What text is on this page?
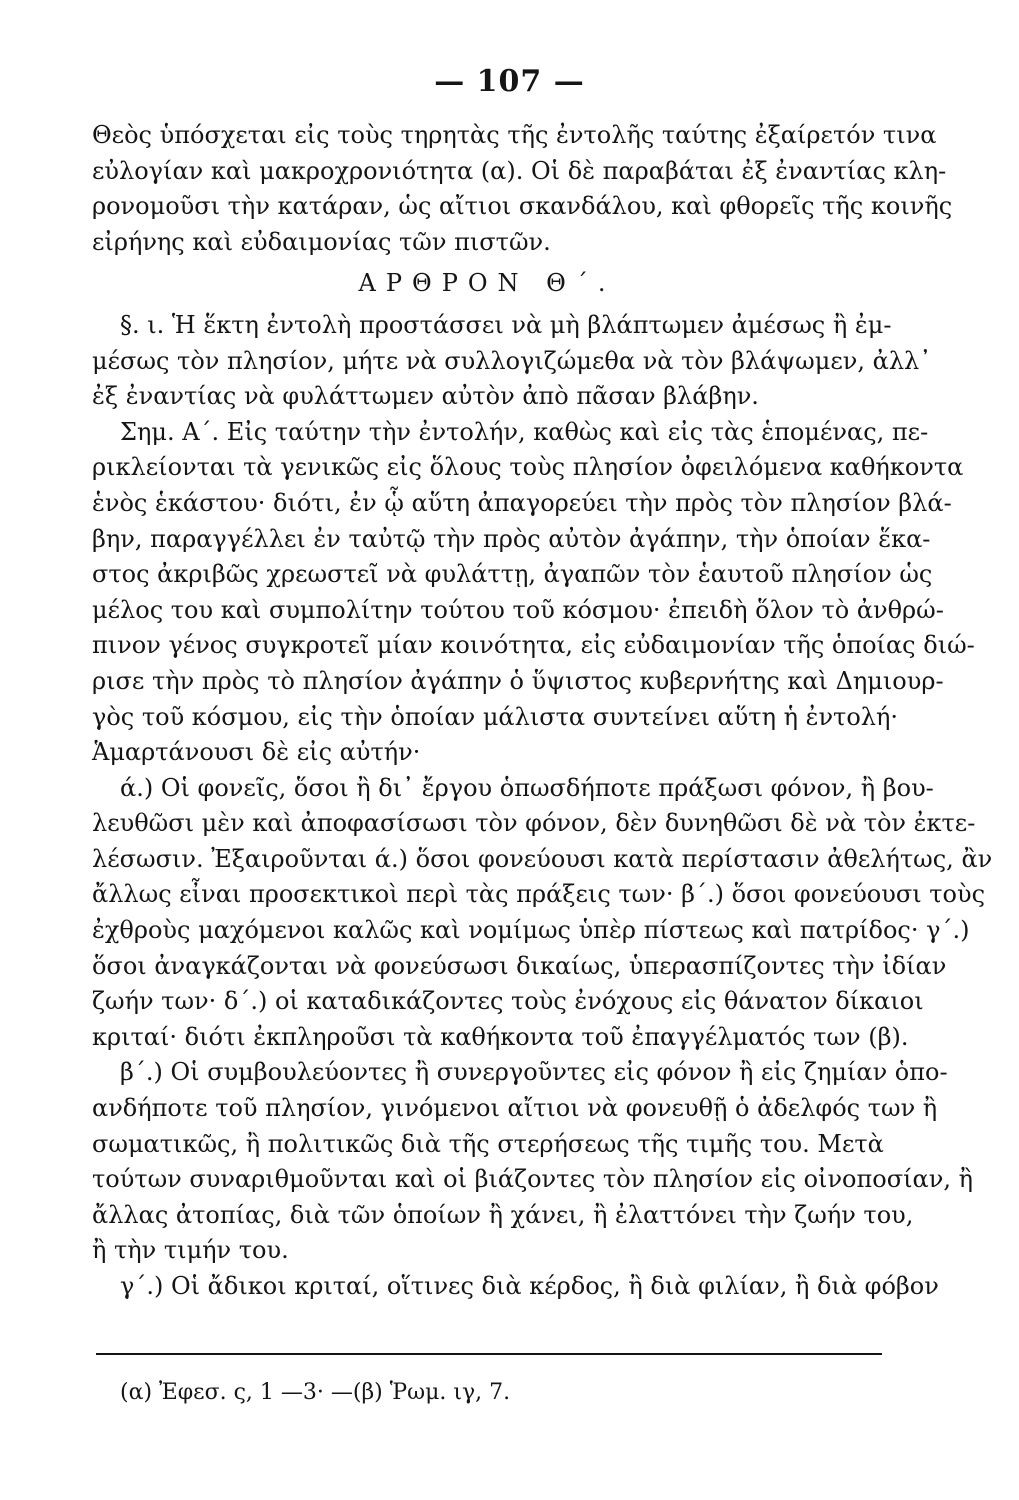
— 107 —
Θεὸς ὑπόσχεται εἰς τοὺς τηρητὰς τῆς ἐντολῆς ταύτης ἐξαίρετόν τινα
εὐλογίαν καὶ μακροχρονιότητα (α). Οἱ δὲ παραβάται ἐξ ἐναντίας κλη-
ρονομοῦσι τὴν κατάραν, ὡς αἴτιοι σκανδάλου, καὶ φθορεῖς τῆς κοινῆς
εἰρήνης καὶ εὐδαιμονίας τῶν πιστῶν.
ΑΡΘΡΟΝ Θ΄.
§. ι. Ἡ ἕκτη ἐντολὴ προστάσσει νὰ μὴ βλάπτωμεν ἀμέσως ἢ ἐμ-
μέσως τὸν πλησίον, μήτε νὰ συλλογιζώμεθα νὰ τὸν βλάψωμεν, ἀλλ᾽
ἐξ ἐναντίας νὰ φυλάττωμεν αὐτὸν ἀπὸ πᾶσαν βλάβην.
Σημ. Α΄. Εἰς ταύτην τὴν ἐντολήν, καθὼς καὶ εἰς τὰς ἑπομένας, πε-
ρικλείονται τὰ γενικῶς εἰς ὅλους τοὺς πλησίον ὀφειλόμενα καθήκοντα
ἑνὸς ἑκάστου· διότι, ἐν ᾧ αὕτη ἀπαγορεύει τὴν πρὸς τὸν πλησίον βλά-
βην, παραγγέλλει ἐν ταὐτῷ τὴν πρὸς αὐτὸν ἀγάπην, τὴν ὁποίαν ἕκα-
στος ἀκριβῶς χρεωστεῖ νὰ φυλάττῃ, ἀγαπῶν τὸν ἑαυτοῦ πλησίον ὡς
μέλος του καὶ συμπολίτην τούτου τοῦ κόσμου· ἐπειδὴ ὅλον τὸ ἀνθρώ-
πινον γένος συγκροτεῖ μίαν κοινότητα, εἰς εὐδαιμονίαν τῆς ὁποίας διώ-
ρισε τὴν πρὸς τὸ πλησίον ἀγάπην ὁ ὕψιστος κυβερνήτης καὶ Δημιουρ-
γὸς τοῦ κόσμου, εἰς τὴν ὁποίαν μάλιστα συντείνει αὕτη ἡ ἐντολή·
Ἁμαρτάνουσι δὲ εἰς αὐτήν·
ά.) Οἱ φονεῖς, ὅσοι ἢ δι᾽ ἔργου ὁπωσδήποτε πράξωσι φόνον, ἢ βου-
λευθῶσι μὲν καὶ ἀποφασίσωσι τὸν φόνον, δὲν δυνηθῶσι δὲ νὰ τὸν ἐκτε-
λέσωσιν. Ἐξαιροῦνται ά.) ὅσοι φονεύουσι κατὰ περίστασιν ἀθελήτως, ἂν
ἄλλως εἶναι προσεκτικοὶ περὶ τὰς πράξεις των· β΄.) ὅσοι φονεύουσι τοὺς
ἐχθροὺς μαχόμενοι καλῶς καὶ νομίμως ὑπὲρ πίστεως καὶ πατρίδος· γ΄.)
ὅσοι ἀναγκάζονται νὰ φονεύσωσι δικαίως, ὑπερασπίζοντες τὴν ἰδίαν
ζωήν των· δ΄.) οἱ καταδικάζοντες τοὺς ἐνόχους εἰς θάνατον δίκαιοι
κριταί· διότι ἐκπληροῦσι τὰ καθήκοντα τοῦ ἐπαγγέλματός των (β).
β΄.) Οἱ συμβουλεύοντες ἢ συνεργοῦντες εἰς φόνον ἢ εἰς ζημίαν ὁπο-
ανδήποτε τοῦ πλησίον, γινόμενοι αἴτιοι νὰ φονευθῇ ὁ ἀδελφός των ἢ
σωματικῶς, ἢ πολιτικῶς διὰ τῆς στερήσεως τῆς τιμῆς του. Μετὰ
τούτων συναριθμοῦνται καὶ οἱ βιάζοντες τὸν πλησίον εἰς οἰνοποσίαν, ἢ
ἄλλας ἀτοπίας, διὰ τῶν ὁποίων ἢ χάνει, ἢ ἐλαττόνει τὴν ζωήν του,
ἢ τὴν τιμήν του.
γ΄.) Οἱ ἄδικοι κριταί, οἵτινες διὰ κέρδος, ἢ διὰ φιλίαν, ἢ διὰ φόβον
(α) Ἐφεσ. ς, 1 —3· —(β) Ῥωμ. ιγ, 7.
